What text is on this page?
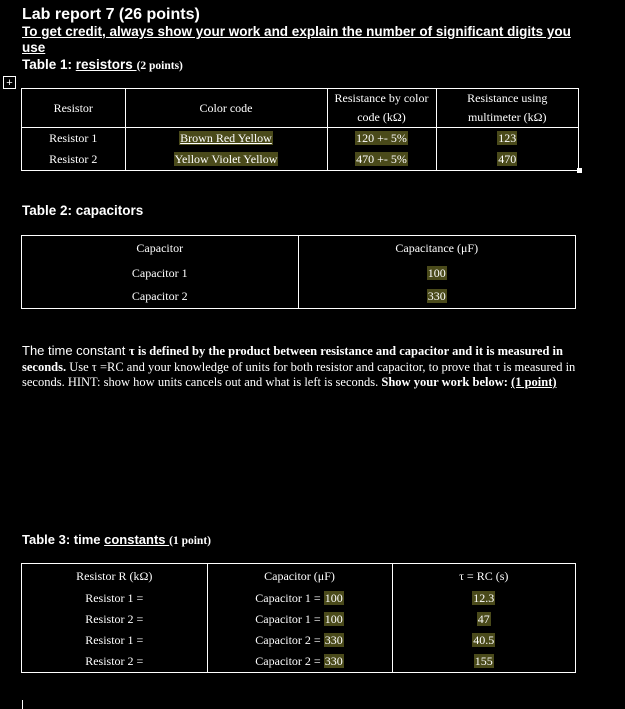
Lab report 7 (26 points)
To get credit, always show your work and explain the number of significant digits you use
Table 1: resistors (2 points)
+
Resistor	Color code	Resistance by color code (kΩ)	Resistance using multimeter (kΩ)
Resistor 1	Brown Red Yellow	120 +- 5%	123
Resistor 2	Yellow Violet Yellow	470 +- 5%	470
Table 2: capacitors
Capacitor	Capacitance (μF)
Capacitor 1	100
Capacitor 2	330
The time constant τ is defined by the product between resistance and capacitor and it is measured in seconds. Use τ =RC and your knowledge of units for both resistor and capacitor, to prove that τ is measured in seconds. HINT: show how units cancels out and what is left is seconds. Show your work below: (1 point)
Table 3: time constants (1 point)
Resistor R (kΩ)	Capacitor (μF)	τ = RC (s)
Resistor 1 =	Capacitor 1 = 100	12.3
Resistor 2 =	Capacitor 1 = 100	47
Resistor 1 =	Capacitor 2 = 330	40.5
Resistor 2 =	Capacitor 2 = 330	155
